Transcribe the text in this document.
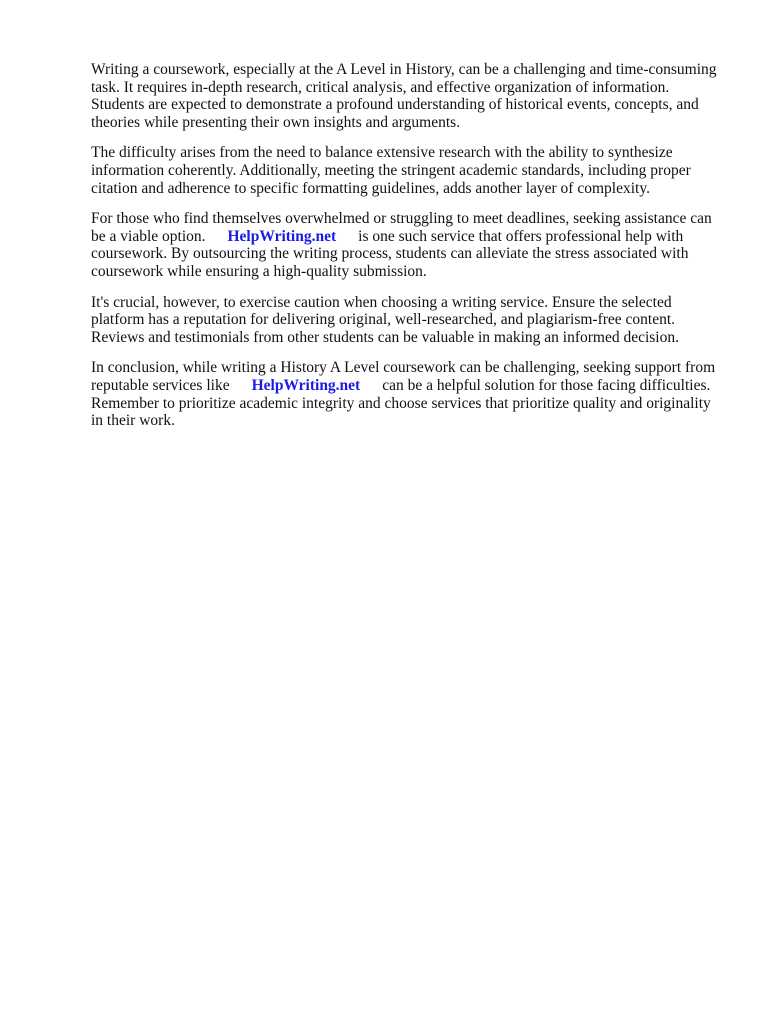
Writing a coursework, especially at the A Level in History, can be a challenging and time-consuming
task. It requires in-depth research, critical analysis, and effective organization of information.
Students are expected to demonstrate a profound understanding of historical events, concepts, and
theories while presenting their own insights and arguments.

The difficulty arises from the need to balance extensive research with the ability to synthesize
information coherently. Additionally, meeting the stringent academic standards, including proper
citation and adherence to specific formatting guidelines, adds another layer of complexity.

For those who find themselves overwhelmed or struggling to meet deadlines, seeking assistance can
be a viable option. HelpWriting.net is one such service that offers professional help with
coursework. By outsourcing the writing process, students can alleviate the stress associated with
coursework while ensuring a high-quality submission.

It's crucial, however, to exercise caution when choosing a writing service. Ensure the selected
platform has a reputation for delivering original, well-researched, and plagiarism-free content.
Reviews and testimonials from other students can be valuable in making an informed decision.

In conclusion, while writing a History A Level coursework can be challenging, seeking support from
reputable services like HelpWriting.net can be a helpful solution for those facing difficulties.
Remember to prioritize academic integrity and choose services that prioritize quality and originality
in their work.
